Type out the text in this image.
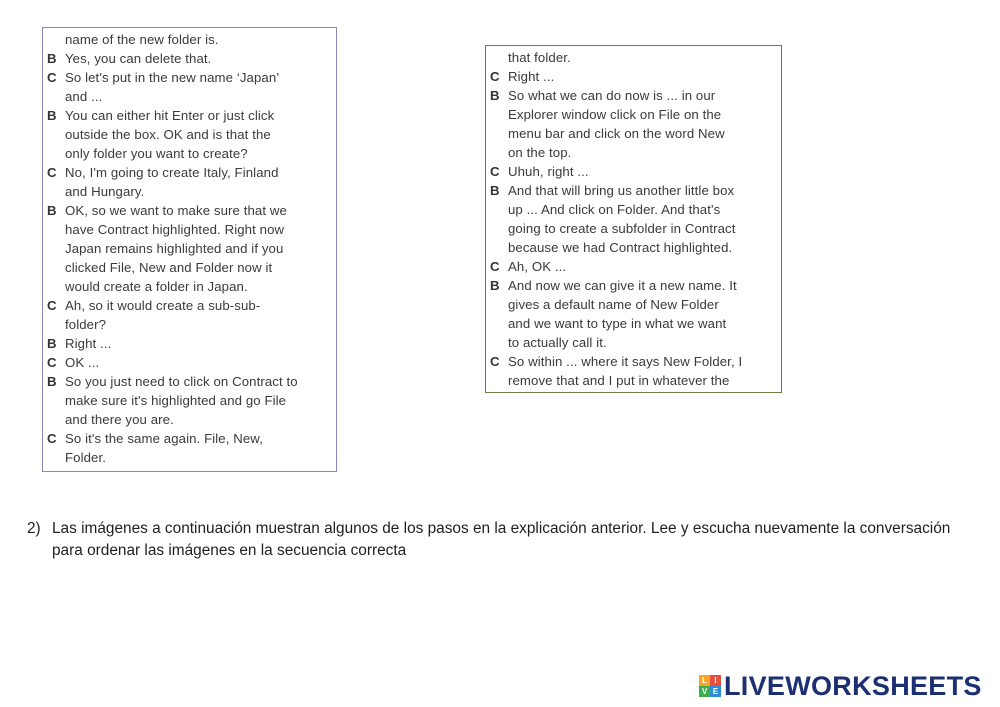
name of the new folder is.
B Yes, you can delete that.
C So let's put in the new name ‘Japan’
and ...
B You can either hit Enter or just click
outside the box. OK and is that the
only folder you want to create?
C No, I'm going to create Italy, Finland
and Hungary.
B OK, so we want to make sure that we
have Contract highlighted. Right now
Japan remains highlighted and if you
clicked File, New and Folder now it
would create a folder in Japan.
C Ah, so it would create a sub-sub-
folder?
B Right ...
C OK ...
B So you just need to click on Contract to
make sure it's highlighted and go File
and there you are.
C So it's the same again. File, New,
Folder.
that folder.
C Right ...
B So what we can do now is ... in our
Explorer window click on File on the
menu bar and click on the word New
on the top.
C Uhuh, right ...
B And that will bring us another little box
up ... And click on Folder. And that's
going to create a subfolder in Contract
because we had Contract highlighted.
C Ah, OK ...
B And now we can give it a new name. It
gives a default name of New Folder
and we want to type in what we want
to actually call it.
C So within ... where it says New Folder, I
remove that and I put in whatever the
2) Las imágenes a continuación muestran algunos de los pasos en la explicación anterior. Lee y escucha nuevamente la conversación para ordenar las imágenes en la secuencia correcta
L I
V E LIVEWORKSHEETS
